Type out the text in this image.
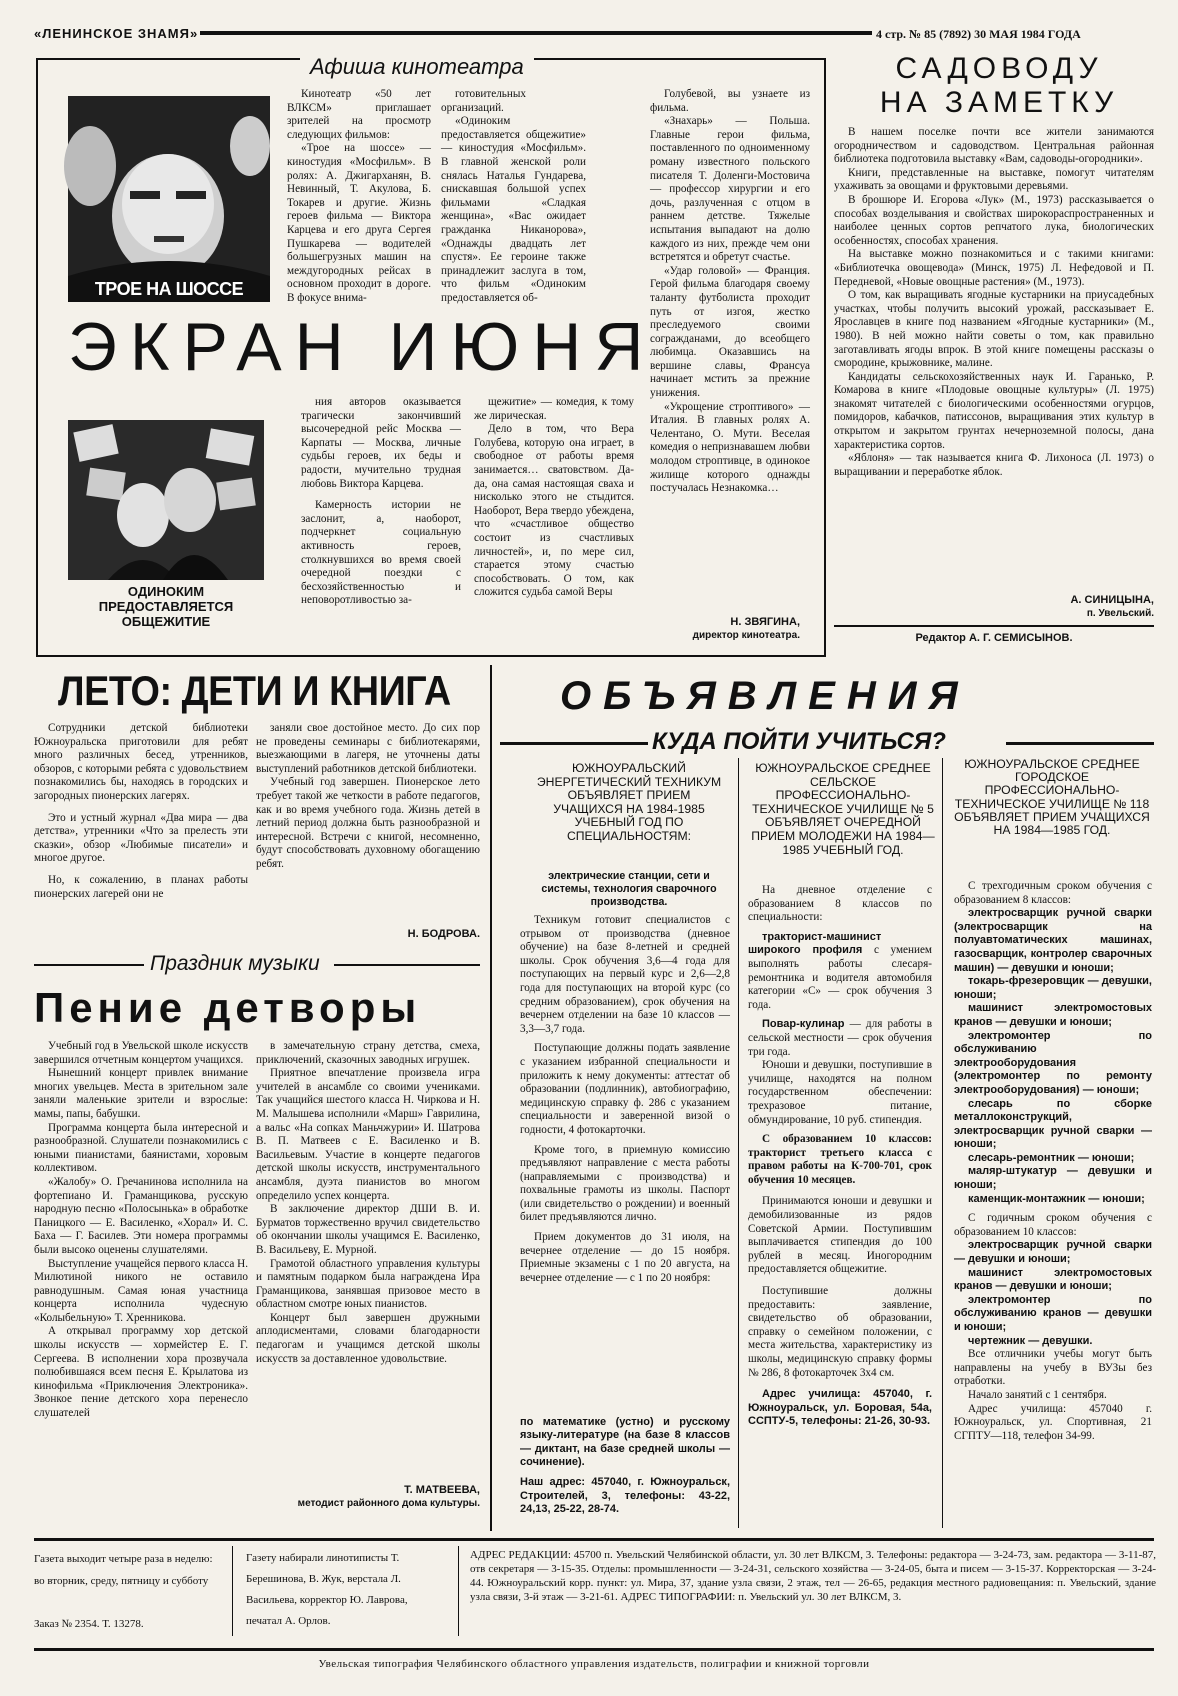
«ЛЕНИНСКОЕ ЗНАМЯ»	4 стр. № 85 (7892) 30 МАЯ 1984 ГОДА
Афиша кинотеатра
ТРОЕ НА ШОССЕ

Кинотеатр «50 лет ВЛКСМ» приглашает зрителей на просмотр следующих фильмов:

«Трое на шоссе» — киностудия «Мосфильм». В ролях: А. Джигарханян, В. Невинный, Т. Акулова, Б. Токарев и другие. Жизнь героев фильма — Виктора Карцева и его друга Сергея Пушкарева — водителей большегрузных машин на междугородных рейсах в основном проходит в дороге. В фокусе внима-

готовительных организаций.

«Одиноким предоставляется общежитие» — киностудия «Мосфильм». В главной женской роли снялась Наталья Гундарева, снискавшая большой успех фильмами «Сладкая женщина», «Вас ожидает гражданка Никанорова», «Однажды двадцать лет спустя». Ее героине также принадлежит заслуга в том, что фильм «Одиноким предоставляется об-

Голубевой, вы узнаете из фильма.

«Знахарь» — Польша. Главные герои фильма, поставленного по одноименному роману известного польского писателя Т. Доленги-Мостовича — профессор хирургии и его дочь, разлученная с отцом в раннем детстве. Тяжелые испытания выпадают на долю каждого из них, прежде чем они встретятся и обретут счастье.

«Удар головой» — Франция. Герой фильма благодаря своему таланту футболиста проходит путь от изгоя, жестко преследуемого своими согражданами, до всеобщего любимца. Оказавшись на вершине славы, Франсуа начинает мстить за прежние унижения.

«Укрощение строптивого» — Италия. В главных ролях А. Челентано, О. Мути. Веселая комедия о непризнавашем любви молодом строптивце, в одинокое жилище которого однажды постучалась Незнакомка…

Н. ЗВЯГИНА,
директор кинотеатра.
ЭКРАН ИЮНЯ
ОДИНОКИМ ПРЕДОСТАВЛЯЕТСЯ ОБЩЕЖИТИЕ

ния авторов оказывается трагически закончивший высочередной рейс Москва — Карпаты — Москва, личные судьбы героев, их беды и радости, мучительно трудная любовь Виктора Карцева.

Камерность истории не заслонит, а, наоборот, подчеркнет социальную активность героев, столкнувшихся во время своей очередной поездки с бесхозяйственностью и неповоротливостью за-

щежитие» — комедия, к тому же лирическая.

Дело в том, что Вера Голубева, которую она играет, в свободное от работы время занимается… сватовством. Да-да, она самая настоящая сваха и нисколько этого не стыдится. Наоборот, Вера твердо убеждена, что «счастливое общество состоит из счастливых личностей», и, по мере сил, старается этому счастью способствовать. О том, как сложится судьба самой Веры

САДОВОДУ
НА ЗАМЕТКУ

В нашем поселке почти все жители занимаются огородничеством и садоводством. Центральная районная библиотека подготовила выставку «Вам, садоводы-огородники».

Книги, представленные на выставке, помогут читателям ухаживать за овощами и фруктовыми деревьями.

В брошюре И. Егорова «Лук» (М., 1973) рассказывается о способах возделывания и свойствах широкораспространенных и наиболее ценных сортов репчатого лука, биологических особенностях, способах хранения.

На выставке можно познакомиться и с такими книгами: «Библиотечка овощевода» (Минск, 1975) Л. Нефедовой и П. Передневой, «Новые овощные растения» (М., 1973).

О том, как выращивать ягодные кустарники на приусадебных участках, чтобы получить высокий урожай, рассказывает Е. Ярославцев в книге под названием «Ягодные кустарники» (М., 1980). В ней можно найти советы о том, как правильно заготавливать ягоды впрок. В этой книге помещены рассказы о смородине, крыжовнике, малине.

Кандидаты сельскохозяйственных наук И. Гаранько, Р. Комарова в книге «Плодовые овощные культуры» (Л. 1975) знакомят читателей с биологическими особенностями огурцов, помидоров, кабачков, патиссонов, выращивания этих культур в открытом и закрытом грунтах нечерноземной полосы, дана характеристика сортов.

«Яблоня» — так называется книга Ф. Лихоноса (Л. 1973) о выращивании и переработке яблок.

А. СИНИЦЫНА,
п. Увельский.
Редактор А. Г. СЕМИСЫНОВ.
ЛЕТО: ДЕТИ И КНИГА

Сотрудники детской библиотеки Южноуральска приготовили для ребят много различных бесед, утренников, обзоров, с которыми ребята с удовольствием познакомились бы, находясь в городских и загородных пионерских лагерях.

Это и устный журнал «Два мира — два детства», утренники «Что за прелесть эти сказки», обзор «Любимые писатели» и многое другое.

Но, к сожалению, в планах работы пионерских лагерей они не

заняли свое достойное место. До сих пор не проведены семинары с библиотекарями, выезжающими в лагеря, не уточнены даты выступлений работников детской библиотеки.

Учебный год завершен. Пионерское лето требует такой же четкости в работе педагогов, как и во время учебного года. Жизнь детей в летний период должна быть разнообразной и интересной. Встречи с книгой, несомненно, будут способствовать духовному обогащению ребят.

Н. БОДРОВА.
Праздник музыки
Пение детворы

Учебный год в Увельской школе искусств завершился отчетным концертом учащихся.

Нынешний концерт привлек внимание многих увельцев. Места в зрительном зале заняли маленькие зрители и взрослые: мамы, папы, бабушки.

Программа концерта была интересной и разнообразной. Слушатели познакомились с юными пианистами, баянистами, хоровым коллективом.

«Жалобу» О. Гречанинова исполнила на фортепиано И. Граманщикова, русскую народную песню «Полосынька» в обработке Паницкого — Е. Василенко, «Хорал» И. С. Баха — Г. Басилев. Эти номера программы были высоко оценены слушателями.

Выступление учащейся первого класса Н. Милютиной никого не оставило равнодушным. Самая юная участница концерта исполнила чудесную «Колыбельную» Т. Хренникова.

А открывал программу хор детской школы искусств — хормейстер Е. Г. Сергеева. В исполнении хора прозвучала полюбившаяся всем песня Е. Крылатова из кинофильма «Приключения Электроника». Звонкое пение детского хора перенесло слушателей

в замечательную страну детства, смеха, приключений, сказочных заводных игрушек.

Приятное впечатление произвела игра учителей в ансамбле со своими учениками. Так учащийся шестого класса Н. Чиркова и Н. М. Малышева исполнили «Марш» Гаврилина, а вальс «На сопках Маньчжурии» И. Шатрова В. П. Матвеев с Е. Василенко и В. Васильевым. Участие в концерте педагогов детской школы искусств, инструментального ансамбля, дуэта пианистов во многом определило успех концерта.

В заключение директор ДШИ В. И. Бурматов торжественно вручил свидетельство об окончании школы учащимся Е. Василенко, В. Васильеву, Е. Мурной.

Грамотой областного управления культуры и памятным подарком была награждена Ира Граманщикова, занявшая призовое место в областном смотре юных пианистов.

Концерт был завершен дружными аплодисментами, словами благодарности педагогам и учащимся детской школы искусств за доставленное удовольствие.

Т. МАТВЕЕВА,
методист районного дома культуры.
ОБЪЯВЛЕНИЯ
КУДА ПОЙТИ УЧИТЬСЯ?
ЮЖНОУРАЛЬСКИЙ ЭНЕРГЕТИЧЕСКИЙ ТЕХНИКУМ ОБЪЯВЛЯЕТ ПРИЕМ УЧАЩИХСЯ НА 1984-1985 УЧЕБНЫЙ ГОД ПО СПЕЦИАЛЬНОСТЯМ:
электрические станции, сети и системы, технология сварочного производства.

Техникум готовит специалистов с отрывом от производства (дневное обучение) на базе 8-летней и средней школы. Срок обучения 3,6—4 года для поступающих на первый курс и 2,6—2,8 года для поступающих на второй курс (со средним образованием), срок обучения на вечернем отделении на базе 10 классов — 3,3—3,7 года.

Поступающие должны подать заявление с указанием избранной специальности и приложить к нему документы: аттестат об образовании (подлинник), автобиографию, медицинскую справку ф. 286 с указанием специальности и заверенной визой о годности, 4 фотокарточки.

Кроме того, в приемную комиссию предъявляют направление с места работы (направляемыми с производства) и похвальные грамоты из школы. Паспорт (или свидетельство о рождении) и военный билет предъявляются лично.

Прием документов до 31 июля, на вечернее отделение — до 15 ноября. Приемные экзамены с 1 по 20 августа, на вечернее отделение — с 1 по 20 ноября:

по математике (устно) и русскому языку-литературе (на базе 8 классов — диктант, на базе средней школы — сочинение).
Наш адрес: 457040, г. Южноуральск, Строителей, 3, телефоны: 43-22, 24,13, 25-22, 28-74.
ЮЖНОУРАЛЬСКОЕ СРЕДНЕЕ СЕЛЬСКОЕ ПРОФЕССИОНАЛЬНО-ТЕХНИЧЕСКОЕ УЧИЛИЩЕ № 5 ОБЪЯВЛЯЕТ ОЧЕРЕДНОЙ ПРИЕМ МОЛОДЕЖИ НА 1984—1985 УЧЕБНЫЙ ГОД.

На дневное отделение с образованием 8 классов по специальности:

тракторист-машинист широкого профиля с умением выполнять работы слесаря-ремонтника и водителя автомобиля категории «С» — срок обучения 3 года.

Повар-кулинар — для работы в сельской местности — срок обучения три года.

Юноши и девушки, поступившие в училище, находятся на полном государственном обеспечении: трехразовое питание, обмундирование, 10 руб. стипендия.

С образованием 10 классов: тракторист третьего класса с правом работы на К-700-701, срок обучения 10 месяцев.

Принимаются юноши и девушки и демобилизованные из рядов Советской Армии. Поступившим выплачивается стипендия до 100 рублей в месяц. Иногородним предоставляется общежитие.

Поступившие должны предоставить: заявление, свидетельство об образовании, справку о семейном положении, с места жительства, характеристику из школы, медицинскую справку формы № 286, 8 фотокарточек 3x4 см.

Адрес училища: 457040, г. Южноуральск, ул. Боровая, 54а, ССПТУ-5, телефоны: 21-26, 30-93.

ЮЖНОУРАЛЬСКОЕ СРЕДНЕЕ ГОРОДСКОЕ ПРОФЕССИОНАЛЬНО-ТЕХНИЧЕСКОЕ УЧИЛИЩЕ № 118 ОБЪЯВЛЯЕТ ПРИЕМ УЧАЩИХСЯ НА 1984—1985 ГОД.

С трехгодичным сроком обучения с образованием 8 классов:

электросварщик ручной сварки (электросварщик на полуавтоматических машинах, газосварщик, контролер сварочных машин) — девушки и юноши;

токарь-фрезеровщик — девушки, юноши;

машинист электромостовых кранов — девушки и юноши;

электромонтер по обслуживанию электрооборудования (электромонтер по ремонту электрооборудования) — юноши;

слесарь по сборке металлоконструкций, электросварщик ручной сварки — юноши;

слесарь-ремонтник — юноши;

маляр-штукатур — девушки и юноши;

каменщик-монтажник — юноши;

С годичным сроком обучения с образованием 10 классов:

электросварщик ручной сварки — девушки и юноши;

машинист электромостовых кранов — девушки и юноши;

электромонтер по обслуживанию кранов — девушки и юноши;

чертежник — девушки.

Все отличники учебы могут быть направлены на учебу в ВУЗы без отработки.

Начало занятий с 1 сентября.

Адрес училища: 457040 г. Южноуральск, ул. Спортивная, 21 СГПТУ—118, телефон 34-99.

Газета выходит четыре раза в неделю: во вторник, среду, пятницу и субботу
Заказ № 2354. Т. 13278.
Газету набирали линотиписты Т. Берешинова, В. Жук, верстала Л. Васильева, корректор Ю. Лаврова, печатал А. Орлов.
АДРЕС РЕДАКЦИИ: 45700 п. Увельский Челябинской области, ул. 30 лет ВЛКСМ, 3. Телефоны: редактора — 3-24-73, зам. редактора — 3-11-87, отв секретаря — 3-15-35. Отделы: промышленности — 3-24-31, сельского хозяйства — 3-24-05, быта и писем — 3-15-37. Корректорская — 3-24-44. Южноуральский корр. пункт: ул. Мира, 37, здание узла связи, 2 этаж, тел — 26-65, редакция местного радиовещания: п. Увельский, здание узла связи, 3-й этаж — 3-21-61. АДРЕС ТИПОГРАФИИ: п. Увельский ул. 30 лет ВЛКСМ, 3.
Увельская типография Челябинского областного управления издательств, полиграфии и книжной торговли
